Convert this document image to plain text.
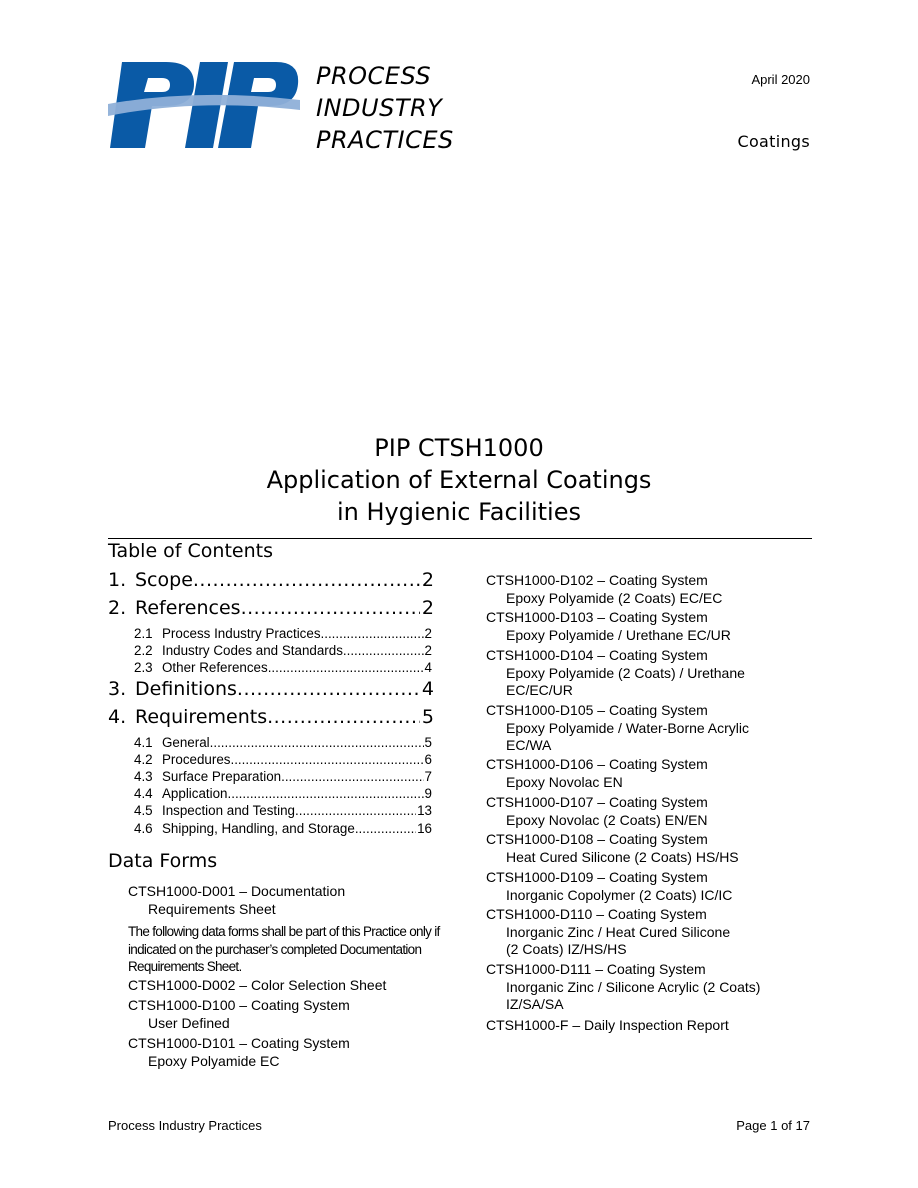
PROCESS
INDUSTRY
PRACTICES
April 2020
Coatings
PIP CTSH1000
Application of External Coatings
in Hygienic Facilities
Table of Contents
1. Scope .....	2
2. References .....	2
2.1 Process Industry Practices .....	2
2.2 Industry Codes and Standards .....	2
2.3 Other References .....	4
3. Definitions .....	4
4. Requirements .....	5
4.1 General .....	5
4.2 Procedures .....	6
4.3 Surface Preparation .....	7
4.4 Application .....	9
4.5 Inspection and Testing .....	13
4.6 Shipping, Handling, and Storage .....	16
Data Forms
CTSH1000-D001 – Documentation
Requirements Sheet
The following data forms shall be part of this Practice only if indicated on the purchaser’s completed Documentation Requirements Sheet.
CTSH1000-D002 – Color Selection Sheet
CTSH1000-D100 – Coating System
User Defined
CTSH1000-D101 – Coating System
Epoxy Polyamide EC
CTSH1000-D102 – Coating System
Epoxy Polyamide (2 Coats) EC/EC
CTSH1000-D103 – Coating System
Epoxy Polyamide / Urethane EC/UR
CTSH1000-D104 – Coating System
Epoxy Polyamide (2 Coats) / Urethane
EC/EC/UR
CTSH1000-D105 – Coating System
Epoxy Polyamide / Water-Borne Acrylic
EC/WA
CTSH1000-D106 – Coating System
Epoxy Novolac EN
CTSH1000-D107 – Coating System
Epoxy Novolac (2 Coats) EN/EN
CTSH1000-D108 – Coating System
Heat Cured Silicone (2 Coats) HS/HS
CTSH1000-D109 – Coating System
Inorganic Copolymer (2 Coats) IC/IC
CTSH1000-D110 – Coating System
Inorganic Zinc / Heat Cured Silicone
(2 Coats) IZ/HS/HS
CTSH1000-D111 – Coating System
Inorganic Zinc / Silicone Acrylic (2 Coats)
IZ/SA/SA
CTSH1000-F – Daily Inspection Report
Process Industry Practices	Page 1 of 17
